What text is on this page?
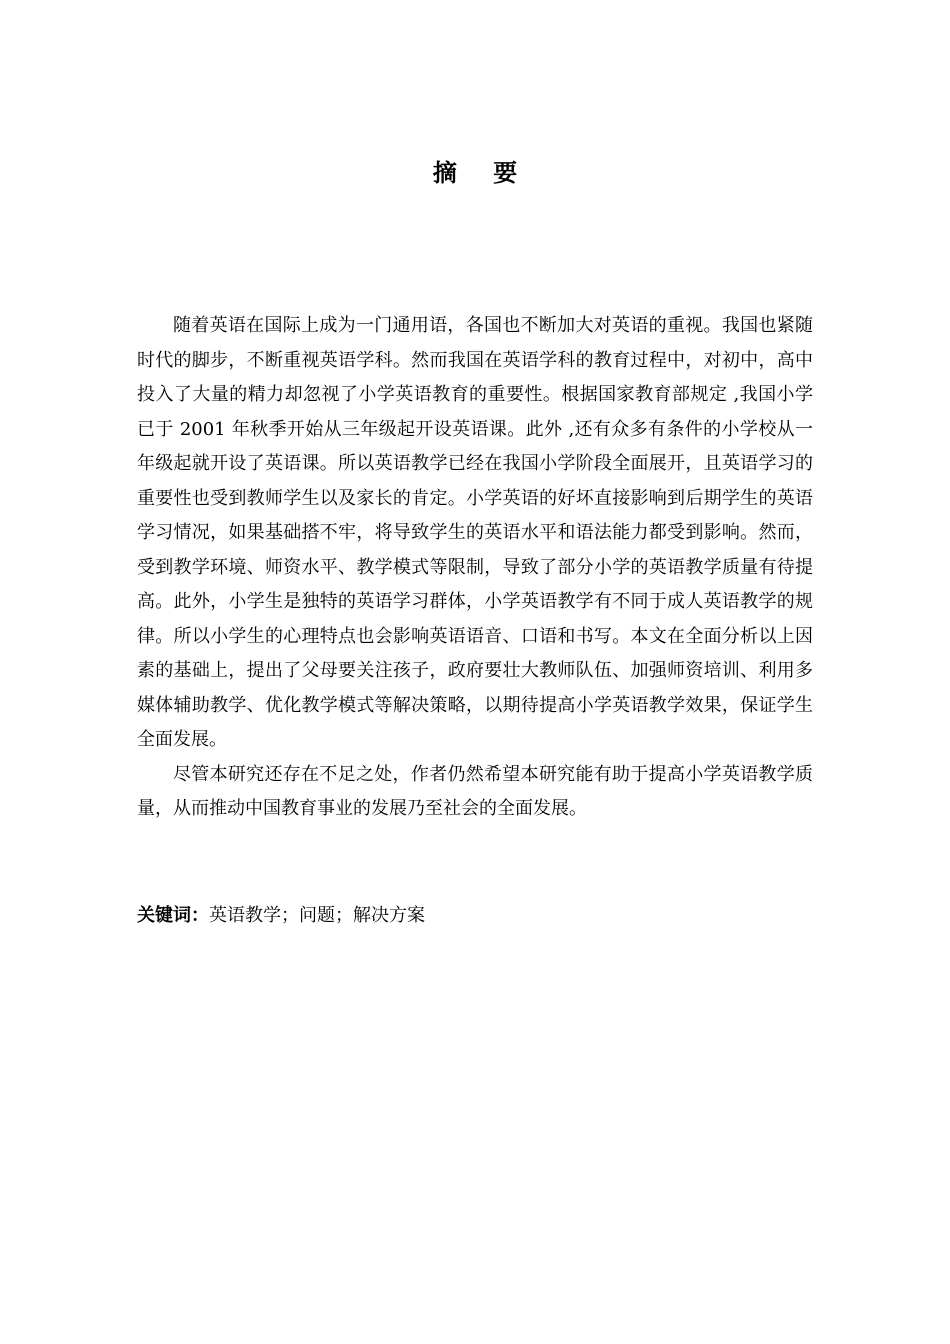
摘 要

随着英语在国际上成为一门通用语，各国也不断加大对英语的重视。我国也紧随时代的脚步，不断重视英语学科。然而我国在英语学科的教育过程中，对初中，高中投入了大量的精力却忽视了小学英语教育的重要性。根据国家教育部规定 ,我国小学已于 2001 年秋季开始从三年级起开设英语课。此外 ,还有众多有条件的小学校从一年级起就开设了英语课。所以英语教学已经在我国小学阶段全面展开，且英语学习的重要性也受到教师学生以及家长的肯定。小学英语的好坏直接影响到后期学生的英语学习情况，如果基础搭不牢，将导致学生的英语水平和语法能力都受到影响。然而，受到教学环境、师资水平、教学模式等限制，导致了部分小学的英语教学质量有待提高。此外，小学生是独特的英语学习群体，小学英语教学有不同于成人英语教学的规律。所以小学生的心理特点也会影响英语语音、口语和书写。本文在全面分析以上因素的基础上，提出了父母要关注孩子，政府要壮大教师队伍、加强师资培训、利用多媒体辅助教学、优化教学模式等解决策略，以期待提高小学英语教学效果，保证学生全面发展。

尽管本研究还存在不足之处，作者仍然希望本研究能有助于提高小学英语教学质量，从而推动中国教育事业的发展乃至社会的全面发展。

关键词：英语教学；问题；解决方案
